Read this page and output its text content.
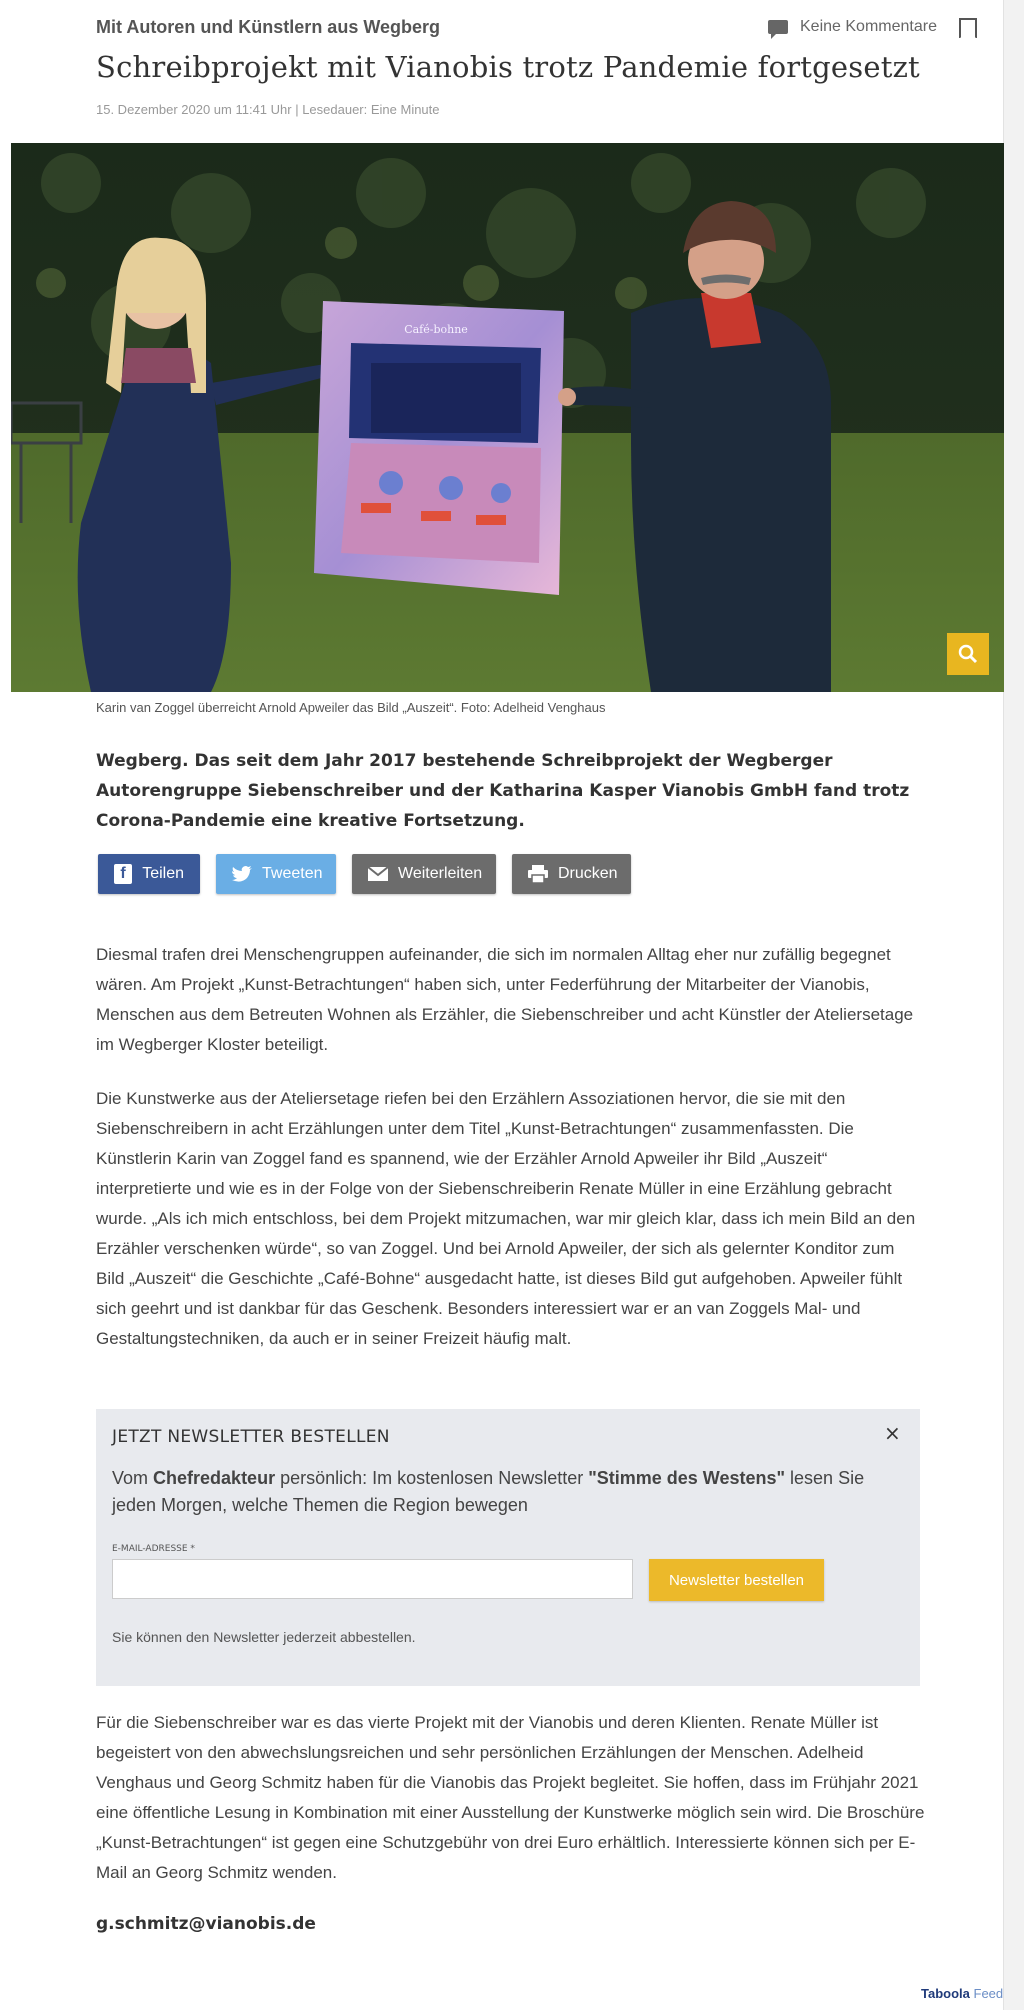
Mit Autoren und Künstlern aus Wegberg	Keine Kommentare
Schreibprojekt mit Vianobis trotz Pandemie fortgesetzt
15. Dezember 2020 um 11:41 Uhr | Lesedauer: Eine Minute
Café-bohne
Karin van Zoggel überreicht Arnold Apweiler das Bild „Auszeit“. Foto: Adelheid Venghaus
Wegberg. Das seit dem Jahr 2017 bestehende Schreibprojekt der Wegberger Autorengruppe Siebenschreiber und der Katharina Kasper Vianobis GmbH fand trotz Corona-Pandemie eine kreative Fortsetzung.
f	Teilen	Tweeten	Weiterleiten	Drucken
Diesmal trafen drei Menschengruppen aufeinander, die sich im normalen Alltag eher nur zufällig begegnet wären. Am Projekt „Kunst-Betrachtungen“ haben sich, unter Federführung der Mitarbeiter der Vianobis, Menschen aus dem Betreuten Wohnen als Erzähler, die Siebenschreiber und acht Künstler der Ateliersetage im Wegberger Kloster beteiligt.
Die Kunstwerke aus der Ateliersetage riefen bei den Erzählern Assoziationen hervor, die sie mit den Siebenschreibern in acht Erzählungen unter dem Titel „Kunst-Betrachtungen“ zusammenfassten. Die Künstlerin Karin van Zoggel fand es spannend, wie der Erzähler Arnold Apweiler ihr Bild „Auszeit“ interpretierte und wie es in der Folge von der Siebenschreiberin Renate Müller in eine Erzählung gebracht wurde. „Als ich mich entschloss, bei dem Projekt mitzumachen, war mir gleich klar, dass ich mein Bild an den Erzähler verschenken würde“, so van Zoggel. Und bei Arnold Apweiler, der sich als gelernter Konditor zum Bild „Auszeit“ die Geschichte „Café-Bohne“ ausgedacht hatte, ist dieses Bild gut aufgehoben. Apweiler fühlt sich geehrt und ist dankbar für das Geschenk. Besonders interessiert war er an van Zoggels Mal- und Gestaltungstechniken, da auch er in seiner Freizeit häufig malt.
JETZT NEWSLETTER BESTELLEN	×
Vom Chefredakteur persönlich: Im kostenlosen Newsletter "Stimme des Westens" lesen Sie jeden Morgen, welche Themen die Region bewegen
E-MAIL-ADRESSE *
Newsletter bestellen
Sie können den Newsletter jederzeit abbestellen.
Für die Siebenschreiber war es das vierte Projekt mit der Vianobis und deren Klienten. Renate Müller ist begeistert von den abwechslungsreichen und sehr persönlichen Erzählungen der Menschen. Adelheid Venghaus und Georg Schmitz haben für die Vianobis das Projekt begleitet. Sie hoffen, dass im Frühjahr 2021 eine öffentliche Lesung in Kombination mit einer Ausstellung der Kunstwerke möglich sein wird. Die Broschüre „Kunst-Betrachtungen“ ist gegen eine Schutzgebühr von drei Euro erhältlich. Interessierte können sich per E-Mail an Georg Schmitz wenden.
g.schmitz@vianobis.de
Taboola Feed
